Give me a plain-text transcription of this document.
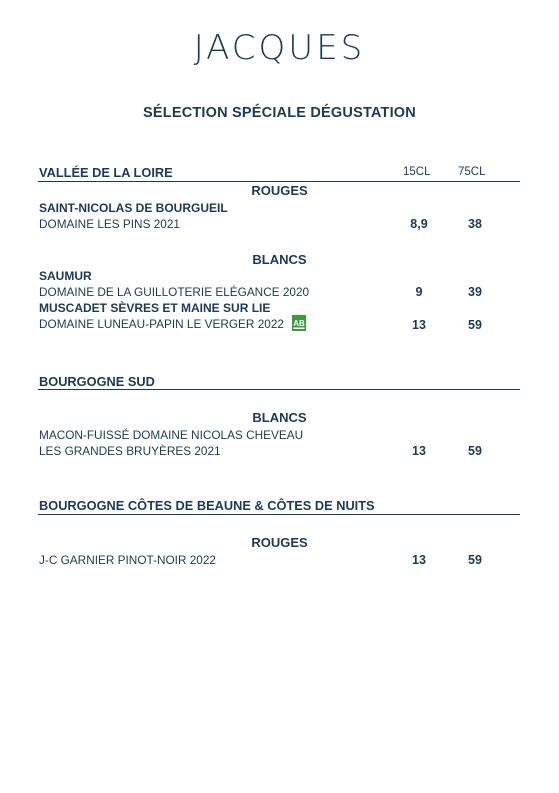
JACQUES
SÉLECTION SPÉCIALE DÉGUSTATION
VALLÉE DE LA LOIRE	15CL 75CL
ROUGES
SAINT-NICOLAS DE BOURGUEIL
DOMAINE LES PINS 2021	8,9	38
BLANCS
SAUMUR
DOMAINE DE LA GUILLOTERIE ELÉGANCE 2020	9	39
MUSCADET SÈVRES ET MAINE SUR LIE
DOMAINE LUNEAU-PAPIN LE VERGER 2022 AB	13	59
BOURGOGNE SUD
BLANCS
MACON-FUISSÉ DOMAINE NICOLAS CHEVEAU
LES GRANDES BRUYÈRES 2021	13	59
BOURGOGNE CÔTES DE BEAUNE & CÔTES DE NUITS
ROUGES
J-C GARNIER PINOT-NOIR 2022	13	59
